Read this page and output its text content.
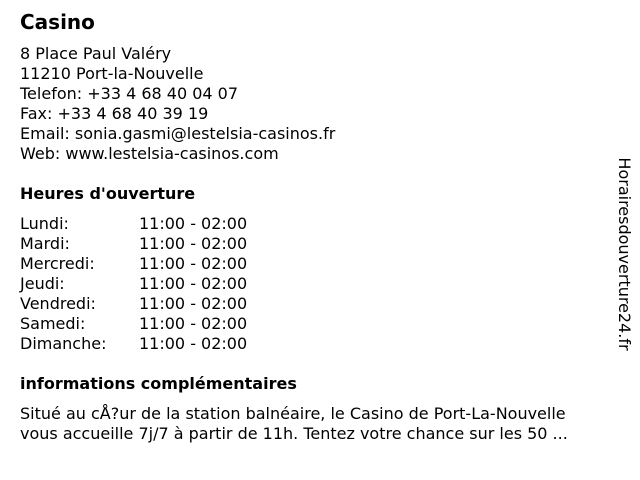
Casino
8 Place Paul Valéry
11210 Port-la-Nouvelle
Telefon: +33 4 68 40 04 07
Fax: +33 4 68 40 39 19
Email: sonia.gasmi@lestelsia-casinos.fr
Web: www.lestelsia-casinos.com
Heures d'ouverture
Lundi:	11:00 - 02:00
Mardi:	11:00 - 02:00
Mercredi:	11:00 - 02:00
Jeudi:	11:00 - 02:00
Vendredi:	11:00 - 02:00
Samedi:	11:00 - 02:00
Dimanche:	11:00 - 02:00
informations complémentaires
Situé au cÅ?ur de la station balnéaire, le Casino de Port-La-Nouvelle
vous accueille 7j/7 à partir de 11h. Tentez votre chance sur les 50 ...
Horairesdouverture24.fr
